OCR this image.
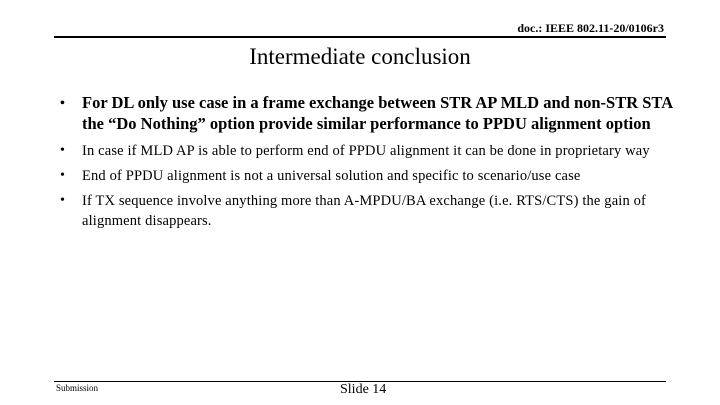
doc.: IEEE 802.11-20/0106r3
Intermediate conclusion
• For DL only use case in a frame exchange between STR AP MLD and non-STR STA the “Do Nothing” option provide similar performance to PPDU alignment option
• In case if MLD AP is able to perform end of PPDU alignment it can be done in proprietary way
• End of PPDU alignment is not a universal solution and specific to scenario/use case
• If TX sequence involve anything more than A-MPDU/BA exchange (i.e. RTS/CTS) the gain of alignment disappears.
Submission	Slide 14
